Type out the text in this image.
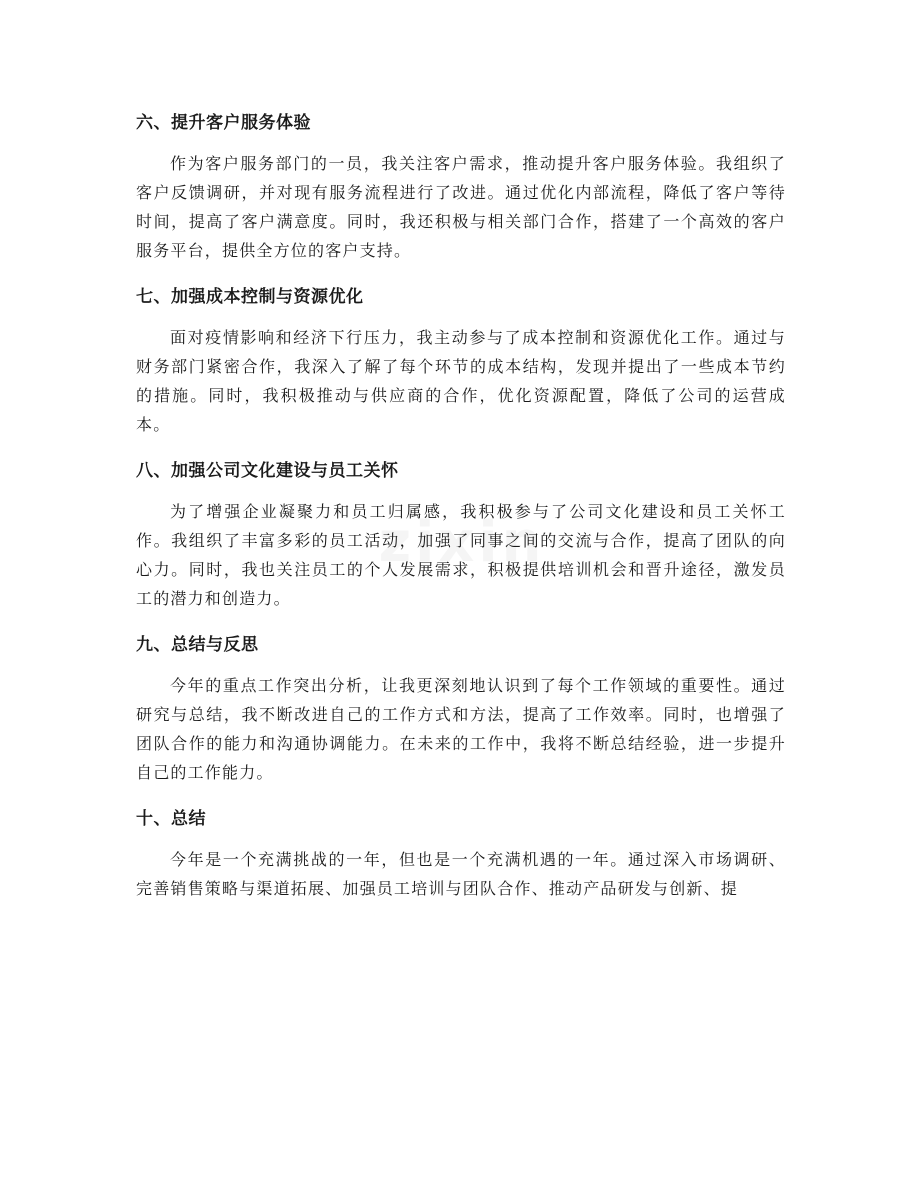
zixin
六、提升客户服务体验

作为客户服务部门的一员，我关注客户需求，推动提升客户服务体验。我组织了客户反馈调研，并对现有服务流程进行了改进。通过优化内部流程，降低了客户等待时间，提高了客户满意度。同时，我还积极与相关部门合作，搭建了一个高效的客户服务平台，提供全方位的客户支持。

七、加强成本控制与资源优化

面对疫情影响和经济下行压力，我主动参与了成本控制和资源优化工作。通过与财务部门紧密合作，我深入了解了每个环节的成本结构，发现并提出了一些成本节约的措施。同时，我积极推动与供应商的合作，优化资源配置，降低了公司的运营成本。

八、加强公司文化建设与员工关怀

为了增强企业凝聚力和员工归属感，我积极参与了公司文化建设和员工关怀工作。我组织了丰富多彩的员工活动，加强了同事之间的交流与合作，提高了团队的向心力。同时，我也关注员工的个人发展需求，积极提供培训机会和晋升途径，激发员工的潜力和创造力。

九、总结与反思

今年的重点工作突出分析，让我更深刻地认识到了每个工作领域的重要性。通过研究与总结，我不断改进自己的工作方式和方法，提高了工作效率。同时，也增强了团队合作的能力和沟通协调能力。在未来的工作中，我将不断总结经验，进一步提升自己的工作能力。

十、总结

今年是一个充满挑战的一年，但也是一个充满机遇的一年。通过深入市场调研、完善销售策略与渠道拓展、加强员工培训与团队合作、推动产品研发与创新、提
